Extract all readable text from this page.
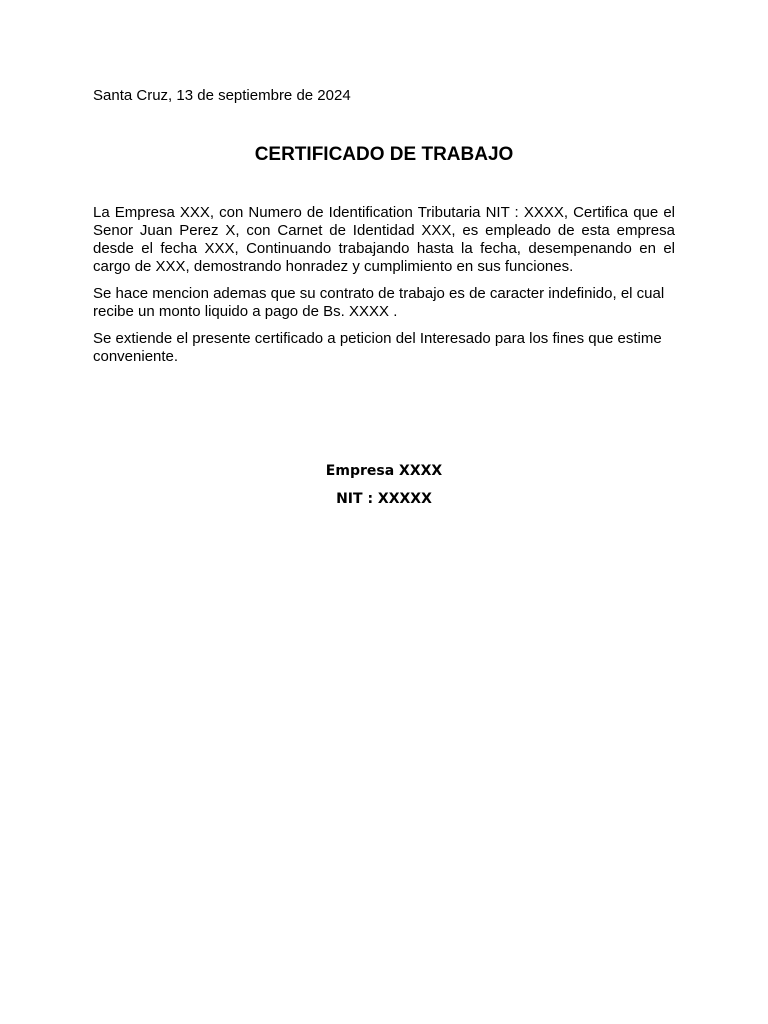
Santa Cruz, 13 de septiembre de 2024
CERTIFICADO DE TRABAJO

La Empresa XXX, con Numero de Identification Tributaria NIT : XXXX, Certifica que el Senor Juan Perez X, con Carnet de Identidad XXX, es empleado de esta empresa desde el fecha XXX, Continuando trabajando hasta la fecha, desempenando en el cargo de XXX, demostrando honradez y cumplimiento en sus funciones.

Se hace mencion ademas que su contrato de trabajo es de caracter indefinido, el cual recibe un monto liquido a pago de Bs. XXXX .

Se extiende el presente certificado a peticion del Interesado para los fines que estime conveniente.

Empresa XXXX
NIT : XXXXX
